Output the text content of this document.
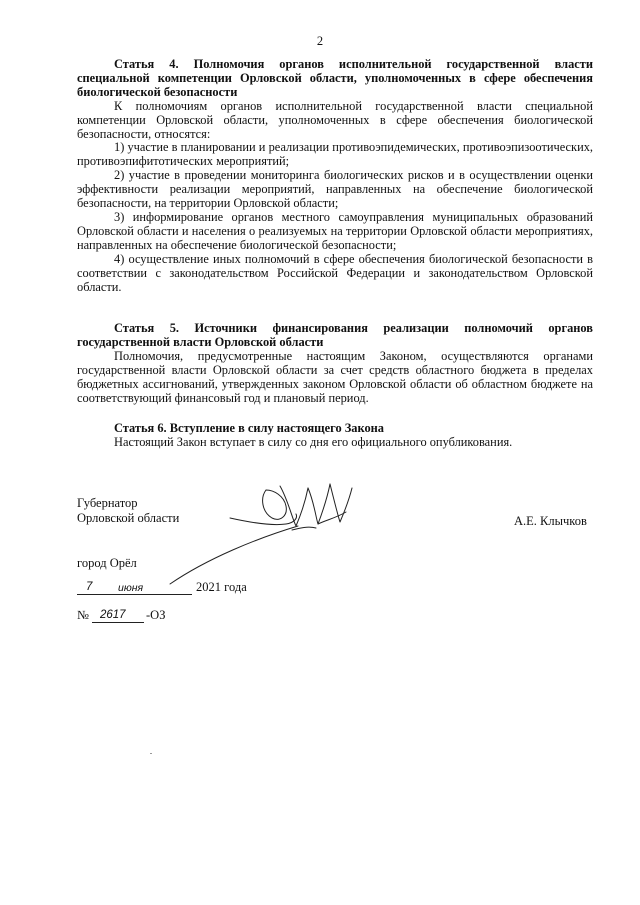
2

Статья 4. Полномочия органов исполнительной государственной власти специальной компетенции Орловской области, уполномоченных в сфере обеспечения биологической безопасности

К полномочиям органов исполнительной государственной власти специальной компетенции Орловской области, уполномоченных в сфере обеспечения биологической безопасности, относятся:

1) участие в планировании и реализации противоэпидемических, противоэпизоотических, противоэпифитотических мероприятий;

2) участие в проведении мониторинга биологических рисков и в осуществлении оценки эффективности реализации мероприятий, направленных на обеспечение биологической безопасности, на территории Орловской области;

3) информирование органов местного самоуправления муниципальных образований Орловской области и населения о реализуемых на территории Орловской области мероприятиях, направленных на обеспечение биологической безопасности;

4) осуществление иных полномочий в сфере обеспечения биологической безопасности в соответствии с законодательством Российской Федерации и законодательством Орловской области.

Статья 5. Источники финансирования реализации полномочий органов государственной власти Орловской области

Полномочия, предусмотренные настоящим Законом, осуществляются органами государственной власти Орловской области за счет средств областного бюджета в пределах бюджетных ассигнований, утвержденных законом Орловской области об областном бюджете на соответствующий финансовый год и плановый период.

Статья 6. Вступление в силу настоящего Закона

Настоящий Закон вступает в силу со дня его официального опубликования.

Губернатор
Орловской области	А.Е. Клычков
город Орёл
7 июня	2021 года
№ 2617 -ОЗ
